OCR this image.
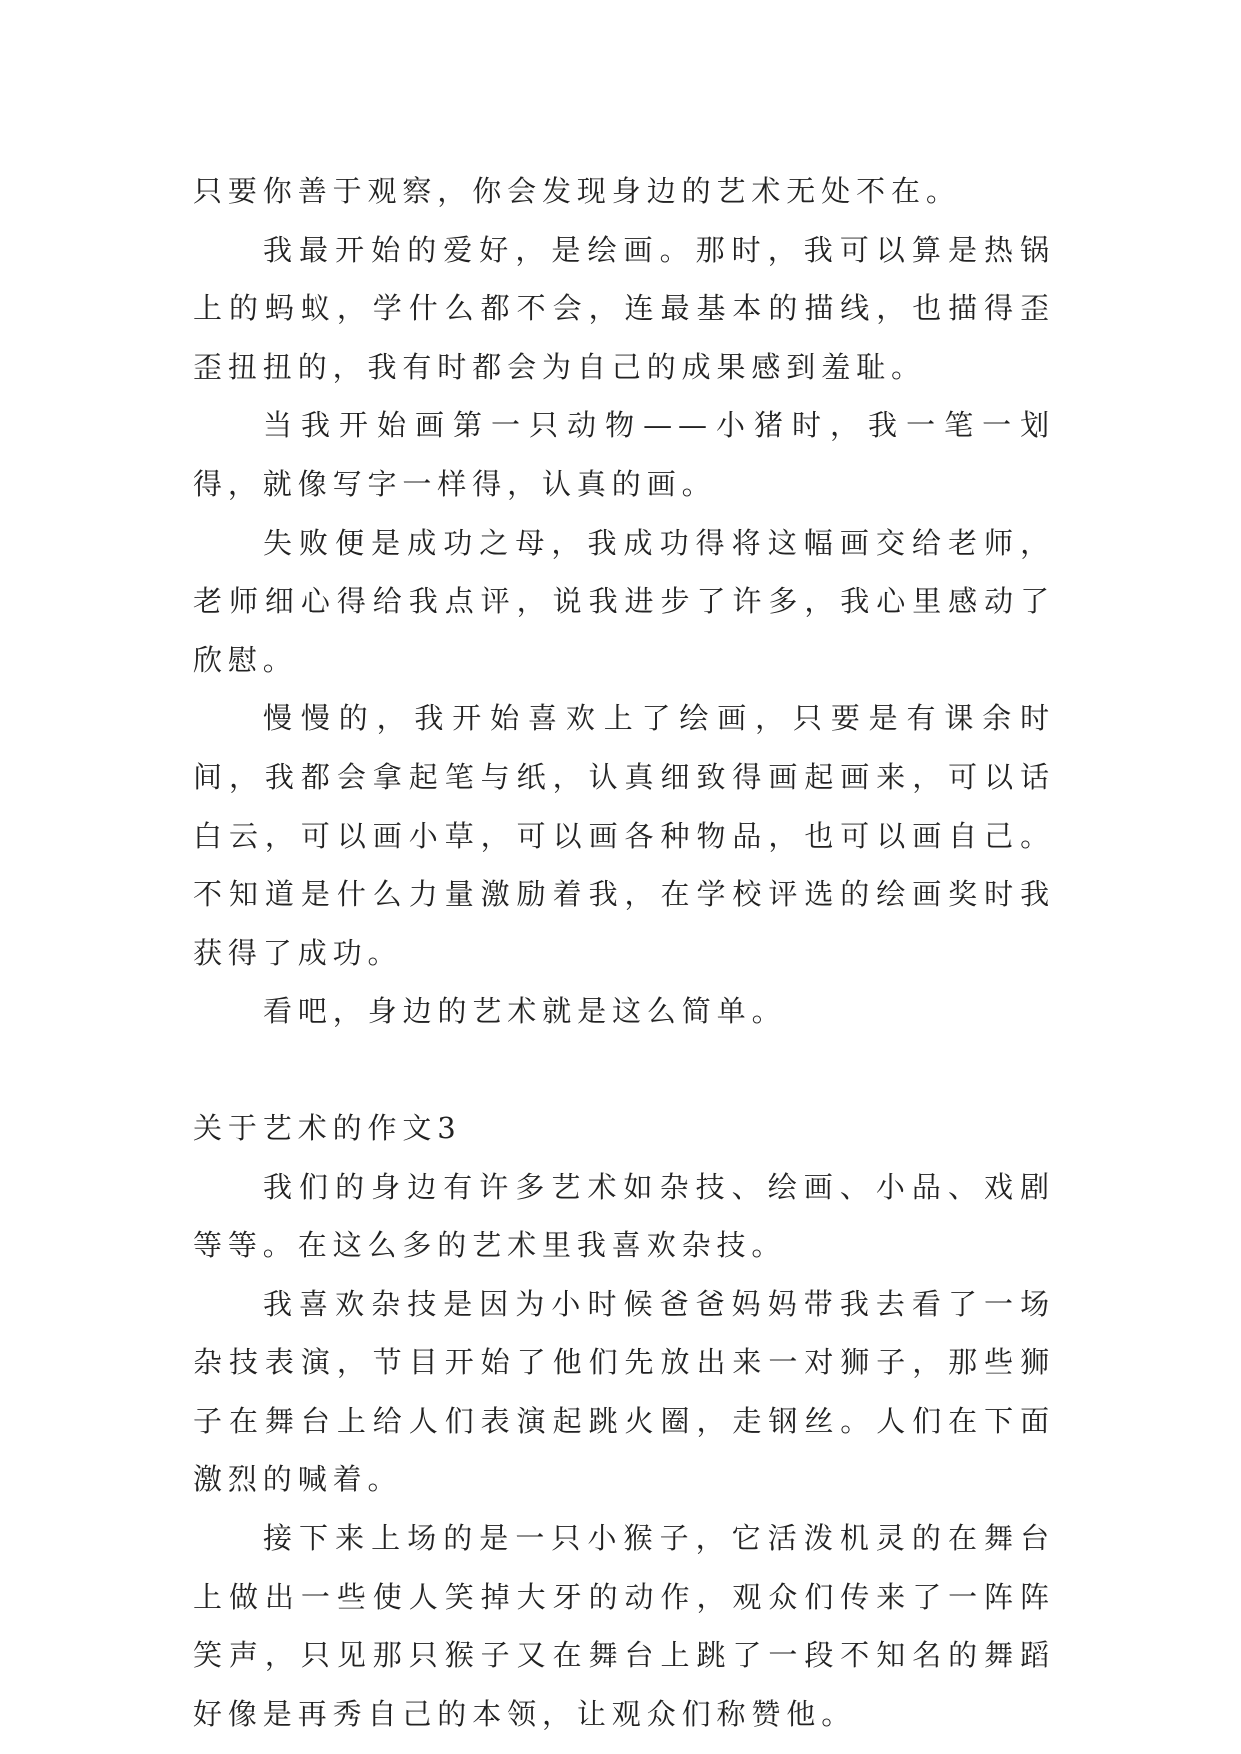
只要你善于观察，你会发现身边的艺术无处不在。

我最开始的爱好，是绘画。那时，我可以算是热锅上的蚂蚁，学什么都不会，连最基本的描线，也描得歪歪扭扭的，我有时都会为自己的成果感到羞耻。

当我开始画第一只动物——小猪时，我一笔一划得，就像写字一样得，认真的画。

失败便是成功之母，我成功得将这幅画交给老师，老师细心得给我点评，说我进步了许多，我心里感动了欣慰。

慢慢的，我开始喜欢上了绘画，只要是有课余时间，我都会拿起笔与纸，认真细致得画起画来，可以话白云，可以画小草，可以画各种物品，也可以画自己。不知道是什么力量激励着我，在学校评选的绘画奖时我获得了成功。

看吧，身边的艺术就是这么简单。

关于艺术的作文3

我们的身边有许多艺术如杂技、绘画、小品、戏剧等等。在这么多的艺术里我喜欢杂技。

我喜欢杂技是因为小时候爸爸妈妈带我去看了一场杂技表演，节目开始了他们先放出来一对狮子，那些狮子在舞台上给人们表演起跳火圈，走钢丝。人们在下面激烈的喊着。

接下来上场的是一只小猴子，它活泼机灵的在舞台上做出一些使人笑掉大牙的动作，观众们传来了一阵阵笑声，只见那只猴子又在舞台上跳了一段不知名的舞蹈好像是再秀自己的本领，让观众们称赞他。
